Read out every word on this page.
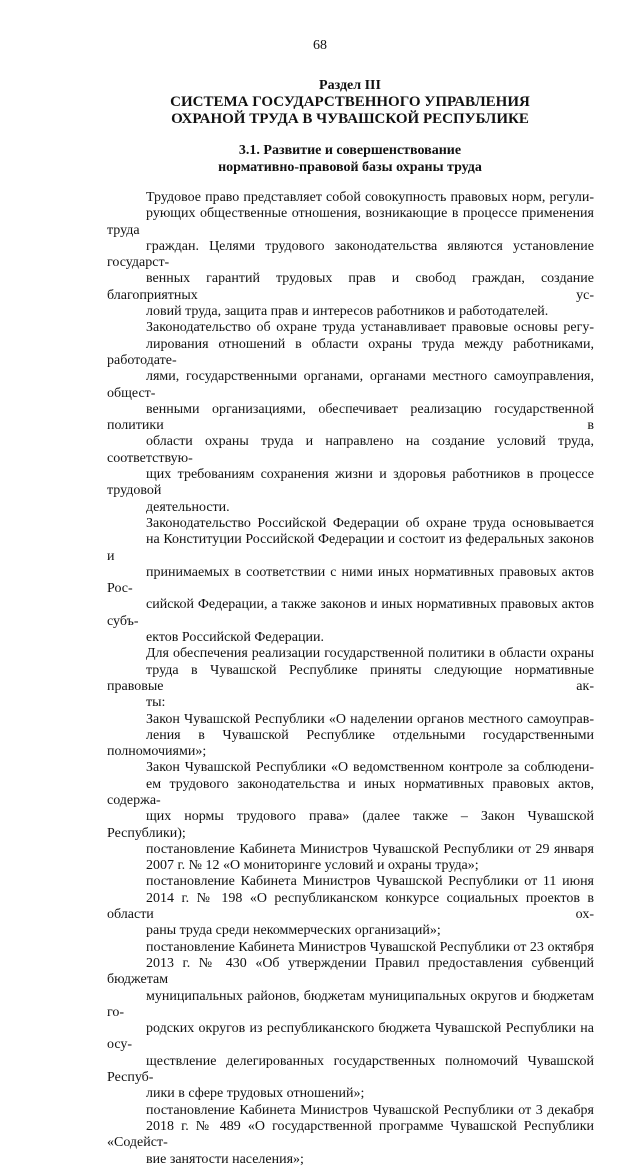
68
Раздел III
СИСТЕМА ГОСУДАРСТВЕННОГО УПРАВЛЕНИЯ
ОХРАНОЙ ТРУДА В ЧУВАШСКОЙ РЕСПУБЛИКЕ
3.1. Развитие и совершенствование
нормативно-правовой базы охраны труда

Трудовое право представляет собой совокупность правовых норм, регули-
рующих общественные отношения, возникающие в процессе применения труда
граждан. Целями трудового законодательства являются установление государст-
венных гарантий трудовых прав и свобод граждан, создание благоприятных ус-
ловий труда, защита прав и интересов работников и работодателей.

Законодательство об охране труда устанавливает правовые основы регу-
лирования отношений в области охраны труда между работниками, работодате-
лями, государственными органами, органами местного самоуправления, общест-
венными организациями, обеспечивает реализацию государственной политики в
области охраны труда и направлено на создание условий труда, соответствую-
щих требованиям сохранения жизни и здоровья работников в процессе трудовой
деятельности.

Законодательство Российской Федерации об охране труда основывается
на Конституции Российской Федерации и состоит из федеральных законов и
принимаемых в соответствии с ними иных нормативных правовых актов Рос-
сийской Федерации, а также законов и иных нормативных правовых актов субъ-
ектов Российской Федерации.

Для обеспечения реализации государственной политики в области охраны
труда в Чувашской Республике приняты следующие нормативные правовые ак-
ты:

Закон Чувашской Республики «О наделении органов местного самоуправ-
ления в Чувашской Республике отдельными государственными полномочиями»;

Закон Чувашской Республики «О ведомственном контроле за соблюдени-
ем трудового законодательства и иных нормативных правовых актов, содержа-
щих нормы трудового права» (далее также – Закон Чувашской Республики);

постановление Кабинета Министров Чувашской Республики от 29 января
2007 г. № 12 «О мониторинге условий и охраны труда»;

постановление Кабинета Министров Чувашской Республики от 11 июня
2014 г. № 198 «О республиканском конкурсе социальных проектов в области ох-
раны труда среди некоммерческих организаций»;

постановление Кабинета Министров Чувашской Республики от 23 октября
2013 г. № 430 «Об утверждении Правил предоставления субвенций бюджетам
муниципальных районов, бюджетам муниципальных округов и бюджетам го-
родских округов из республиканского бюджета Чувашской Республики на осу-
ществление делегированных государственных полномочий Чувашской Респуб-
лики в сфере трудовых отношений»;

постановление Кабинета Министров Чувашской Республики от 3 декабря
2018 г. № 489 «О государственной программе Чувашской Республики «Содейст-
вие занятости населения»;
